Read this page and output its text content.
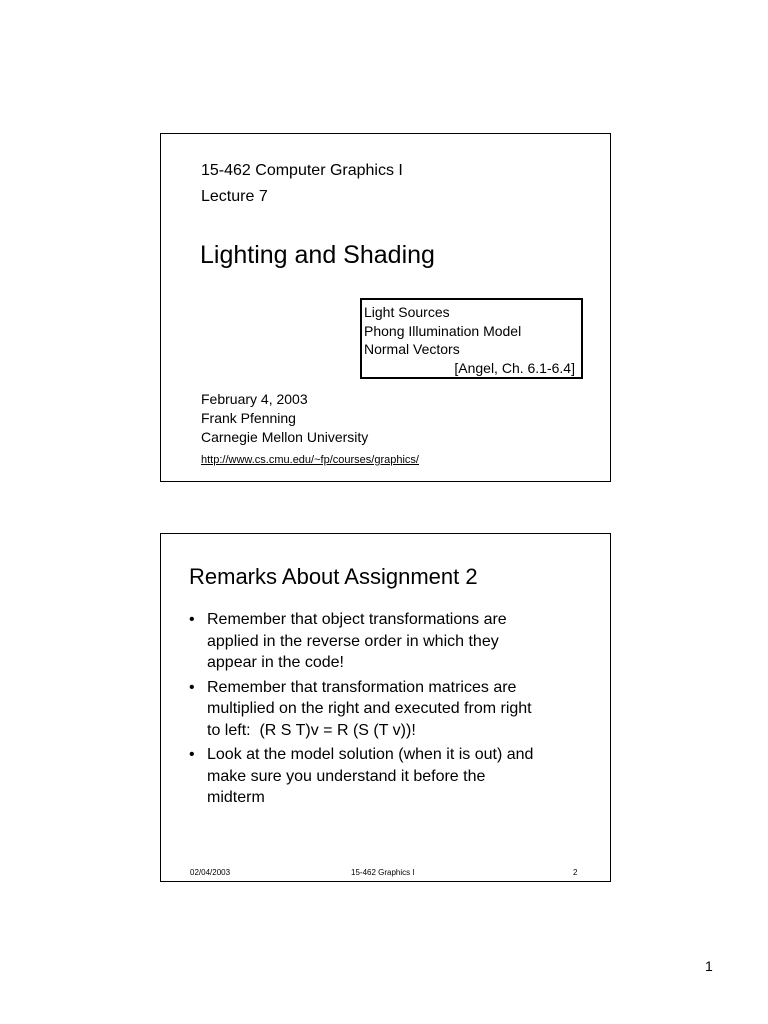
15-462 Computer Graphics I
Lecture 7
Lighting and Shading
Light Sources
Phong Illumination Model
Normal Vectors
[Angel, Ch. 6.1-6.4]
February 4, 2003
Frank Pfenning
Carnegie Mellon University
http://www.cs.cmu.edu/~fp/courses/graphics/
Remarks About Assignment 2
• Remember that object transformations are
applied in the reverse order in which they
appear in the code!
• Remember that transformation matrices are
multiplied on the right and executed from right
to left:  (R S T)v = R (S (T v))!
• Look at the model solution (when it is out) and
make sure you understand it before the
midterm
02/04/2003	15-462 Graphics I	2
1
